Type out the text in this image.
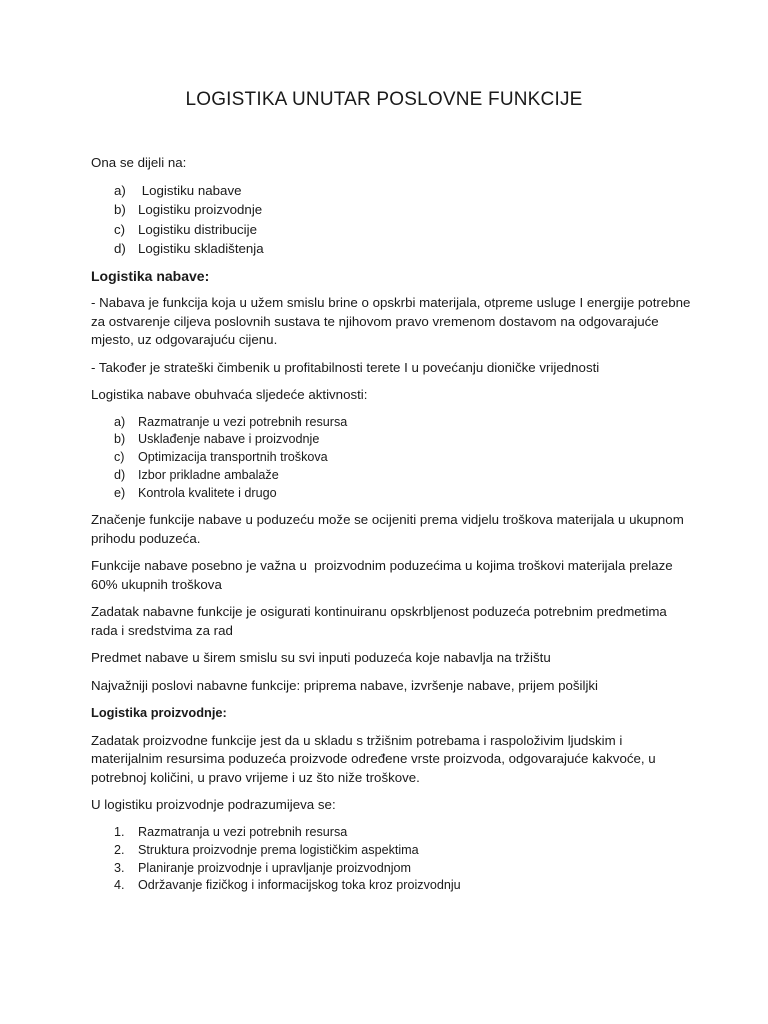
LOGISTIKA UNUTAR POSLOVNE FUNKCIJE

Ona se dijeli na:

a) Logistiku nabave
b) Logistiku proizvodnje
c) Logistiku distribucije
d) Logistiku skladištenja

Logistika nabave:

- Nabava je funkcija koja u užem smislu brine o opskrbi materijala, otpreme usluge I energije potrebne za ostvarenje ciljeva poslovnih sustava te njihovom pravo vremenom dostavom na odgovarajuće mjesto, uz odgovarajuću cijenu.

- Također je strateški čimbenik u profitabilnosti terete I u povećanju dioničke vrijednosti

Logistika nabave obuhvaća sljedeće aktivnosti:

a)	Razmatranje u vezi potrebnih resursa
b)	Usklađenje nabave i proizvodnje
c)	Optimizacija transportnih troškova
d)	Izbor prikladne ambalaže
e)	Kontrola kvalitete i drugo

Značenje funkcije nabave u poduzeću može se ocijeniti prema vidjelu troškova materijala u ukupnom prihodu poduzeća.

Funkcije nabave posebno je važna u  proizvodnim poduzećima u kojima troškovi materijala prelaze 60% ukupnih troškova

Zadatak nabavne funkcije je osigurati kontinuiranu opskrbljenost poduzeća potrebnim predmetima rada i sredstvima za rad

Predmet nabave u širem smislu su svi inputi poduzeća koje nabavlja na tržištu

Najvažniji poslovi nabavne funkcije: priprema nabave, izvršenje nabave, prijem pošiljki

Logistika proizvodnje:

Zadatak proizvodne funkcije jest da u skladu s tržišnim potrebama i raspoloživim ljudskim i materijalnim resursima poduzeća proizvode određene vrste proizvoda, odgovarajuće kakvoće, u potrebnoj količini, u pravo vrijeme i uz što niže troškove.

U logistiku proizvodnje podrazumijeva se:

1.	Razmatranja u vezi potrebnih resursa
2.	Struktura proizvodnje prema logističkim aspektima
3.	Planiranje proizvodnje i upravljanje proizvodnjom
4.	Održavanje fizičkog i informacijskog toka kroz proizvodnju
